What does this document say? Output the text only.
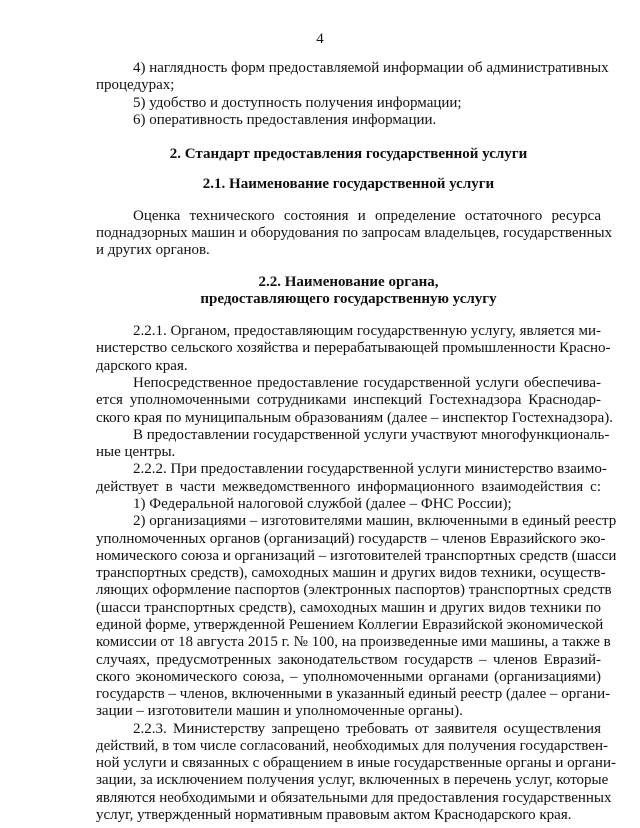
4
4) наглядность форм предоставляемой информации об административных
процедурах;
5) удобство и доступность получения информации;
6) оперативность предоставления информации.
2. Стандарт предоставления государственной услуги
2.1. Наименование государственной услуги
Оценка технического состояния и определение остаточного ресурса
поднадзорных машин и оборудования по запросам владельцев, государственных
и других органов.
2.2. Наименование органа,
предоставляющего государственную услугу
2.2.1. Органом, предоставляющим государственную услугу, является ми-
нистерство сельского хозяйства и перерабатывающей промышленности Красно-
дарского края.
Непосредственное предоставление государственной услуги обеспечива-
ется уполномоченными сотрудниками инспекций Гостехнадзора Краснодар-
ского края по муниципальным образованиям (далее – инспектор Гостехнадзора).
В предоставлении государственной услуги участвуют многофункциональ-
ные центры.
2.2.2. При предоставлении государственной услуги министерство взаимо-
действует в части межведомственного информационного взаимодействия с:
1) Федеральной налоговой службой (далее – ФНС России);
2) организациями – изготовителями машин, включенными в единый реестр
уполномоченных органов (организаций) государств – членов Евразийского эко-
номического союза и организаций – изготовителей транспортных средств (шасси
транспортных средств), самоходных машин и других видов техники, осуществ-
ляющих оформление паспортов (электронных паспортов) транспортных средств
(шасси транспортных средств), самоходных машин и других видов техники по
единой форме, утвержденной Решением Коллегии Евразийской экономической
комиссии от 18 августа 2015 г. № 100, на произведенные ими машины, а также в
случаях, предусмотренных законодательством государств – членов Евразий-
ского экономического союза, – уполномоченными органами (организациями)
государств – членов, включенными в указанный единый реестр (далее – органи-
зации – изготовители машин и уполномоченные органы).
2.2.3. Министерству запрещено требовать от заявителя осуществления
действий, в том числе согласований, необходимых для получения государствен-
ной услуги и связанных с обращением в иные государственные органы и органи-
зации, за исключением получения услуг, включенных в перечень услуг, которые
являются необходимыми и обязательными для предоставления государственных
услуг, утвержденный нормативным правовым актом Краснодарского края.
